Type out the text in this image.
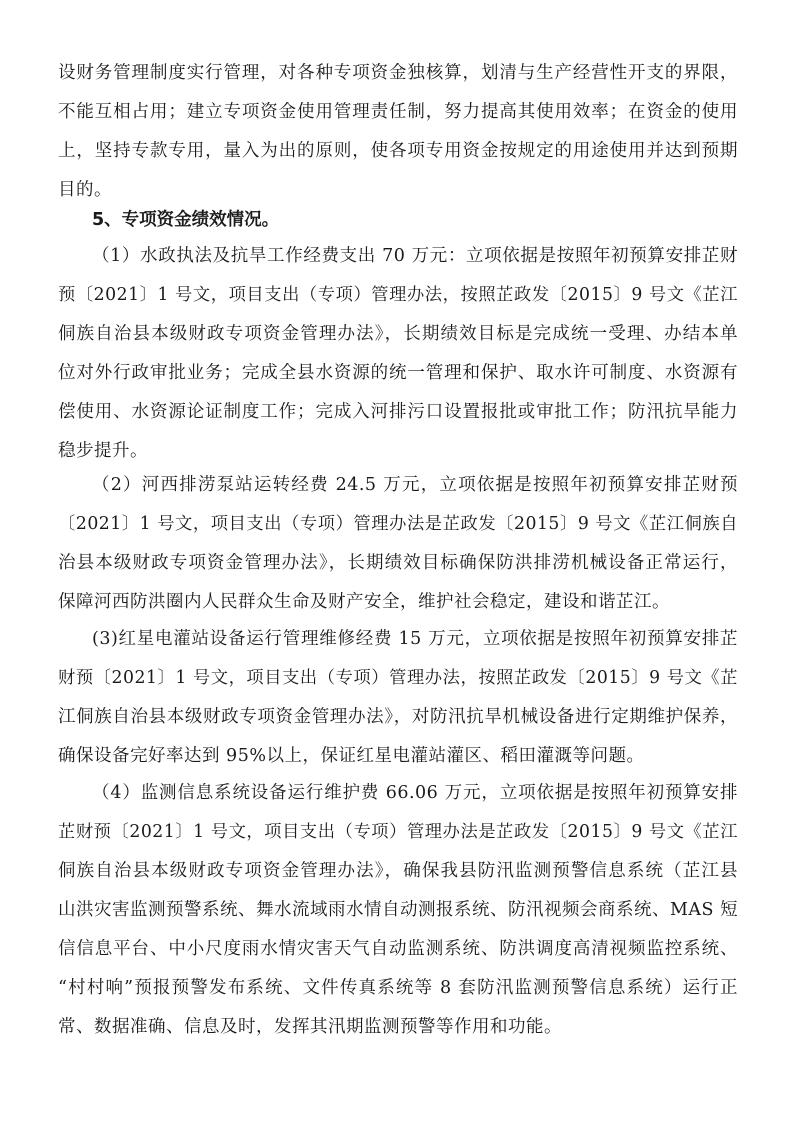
设财务管理制度实行管理，对各种专项资金独核算，划清与生产经营性开支的界限，
不能互相占用；建立专项资金使用管理责任制，努力提高其使用效率；在资金的使用
上，坚持专款专用，量入为出的原则，使各项专用资金按规定的用途使用并达到预期
目的。
5、专项资金绩效情况。
（1）水政执法及抗旱工作经费支出 70 万元：立项依据是按照年初预算安排芷财
预〔2021〕1 号文，项目支出（专项）管理办法，按照芷政发〔2015〕9 号文《芷江
侗族自治县本级财政专项资金管理办法》，长期绩效目标是完成统一受理、办结本单
位对外行政审批业务；完成全县水资源的统一管理和保护、取水许可制度、水资源有
偿使用、水资源论证制度工作；完成入河排污口设置报批或审批工作；防汛抗旱能力
稳步提升。
（2）河西排涝泵站运转经费 24.5 万元，立项依据是按照年初预算安排芷财预
〔2021〕1 号文，项目支出（专项）管理办法是芷政发〔2015〕9 号文《芷江侗族自
治县本级财政专项资金管理办法》，长期绩效目标确保防洪排涝机械设备正常运行，
保障河西防洪圈内人民群众生命及财产安全，维护社会稳定，建设和谐芷江。
(3)红星电灌站设备运行管理维修经费 15 万元，立项依据是按照年初预算安排芷
财预〔2021〕1 号文，项目支出（专项）管理办法，按照芷政发〔2015〕9 号文《芷
江侗族自治县本级财政专项资金管理办法》，对防汛抗旱机械设备进行定期维护保养，
确保设备完好率达到 95%以上，保证红星电灌站灌区、稻田灌溉等问题。
（4）监测信息系统设备运行维护费 66.06 万元，立项依据是按照年初预算安排
芷财预〔2021〕1 号文，项目支出（专项）管理办法是芷政发〔2015〕9 号文《芷江
侗族自治县本级财政专项资金管理办法》，确保我县防汛监测预警信息系统（芷江县
山洪灾害监测预警系统、舞水流域雨水情自动测报系统、防汛视频会商系统、MAS 短
信信息平台、中小尺度雨水情灾害天气自动监测系统、防洪调度高清视频监控系统、
“村村响”预报预警发布系统、文件传真系统等 8 套防汛监测预警信息系统）运行正
常、数据准确、信息及时，发挥其汛期监测预警等作用和功能。
